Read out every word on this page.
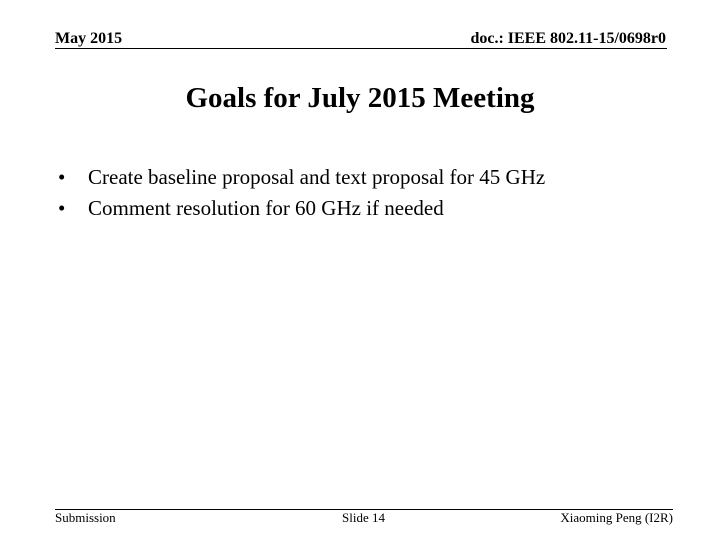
May 2015	doc.: IEEE 802.11-15/0698r0
Goals for July 2015 Meeting
•	Create baseline proposal and text proposal for 45 GHz
•	Comment resolution for 60 GHz if needed
Submission	Slide 14	Xiaoming Peng (I2R)
